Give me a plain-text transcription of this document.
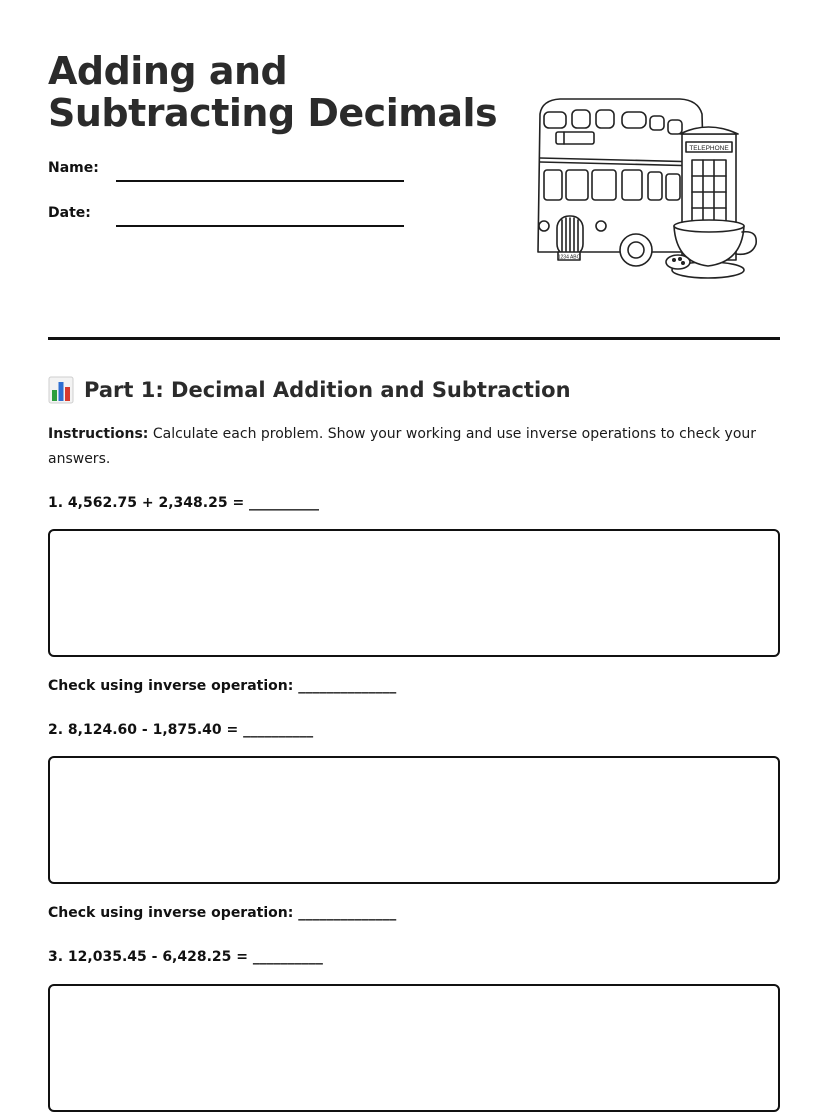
Adding and Subtracting Decimals
Name:
Date:
TELEPHONE
1234 ABC
Part 1: Decimal Addition and Subtraction
Instructions: Calculate each problem. Show your working and use inverse operations to check your answers.
1. 4,562.75 + 2,348.25 = __________
Check using inverse operation: ______________
2. 8,124.60 - 1,875.40 = __________
Check using inverse operation: ______________
3. 12,035.45 - 6,428.25 = __________
